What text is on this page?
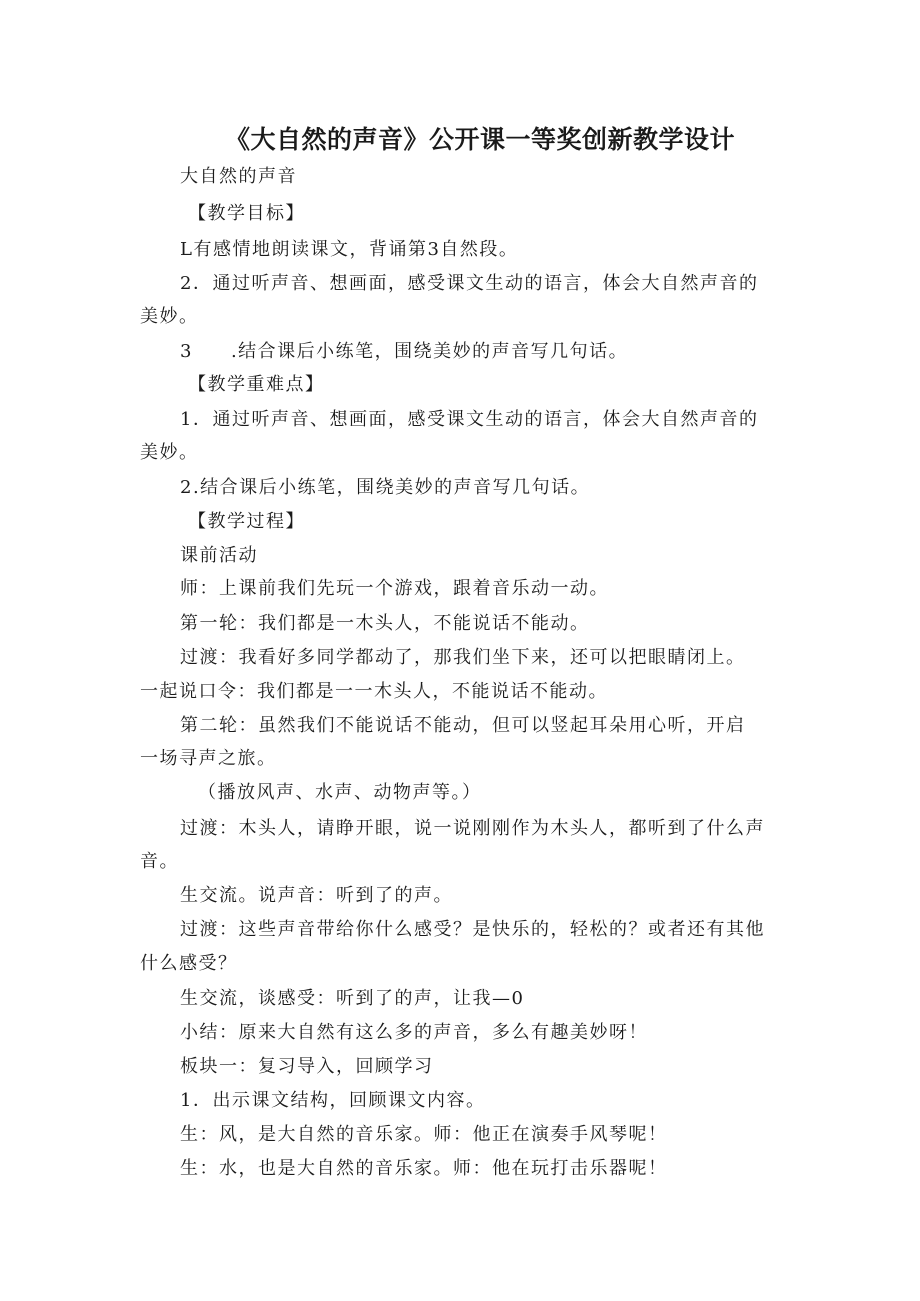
《大自然的声音》公开课一等奖创新教学设计
大自然的声音
【教学目标】
L有感情地朗读课文，背诵第3自然段。
2．通过听声音、想画面，感受课文生动的语言，体会大自然声音的
美妙。
3 .结合课后小练笔，围绕美妙的声音写几句话。
【教学重难点】
1．通过听声音、想画面，感受课文生动的语言，体会大自然声音的
美妙。
2.结合课后小练笔，围绕美妙的声音写几句话。
【教学过程】
课前活动
师：上课前我们先玩一个游戏，跟着音乐动一动。
第一轮：我们都是一木头人，不能说话不能动。
过渡：我看好多同学都动了，那我们坐下来，还可以把眼睛闭上。
一起说口令：我们都是一一木头人，不能说话不能动。
第二轮：虽然我们不能说话不能动，但可以竖起耳朵用心听，开启
一场寻声之旅。
（播放风声、水声、动物声等。）
过渡：木头人，请睁开眼，说一说刚刚作为木头人，都听到了什么声
音。
生交流。说声音：听到了的声。
过渡：这些声音带给你什么感受？是快乐的，轻松的？或者还有其他
什么感受？
生交流，谈感受：听到了的声，让我—0
小结：原来大自然有这么多的声音，多么有趣美妙呀！
板块一：复习导入，回顾学习
1．出示课文结构，回顾课文内容。
生：风，是大自然的音乐家。师：他正在演奏手风琴呢！
生：水，也是大自然的音乐家。师：他在玩打击乐器呢！
